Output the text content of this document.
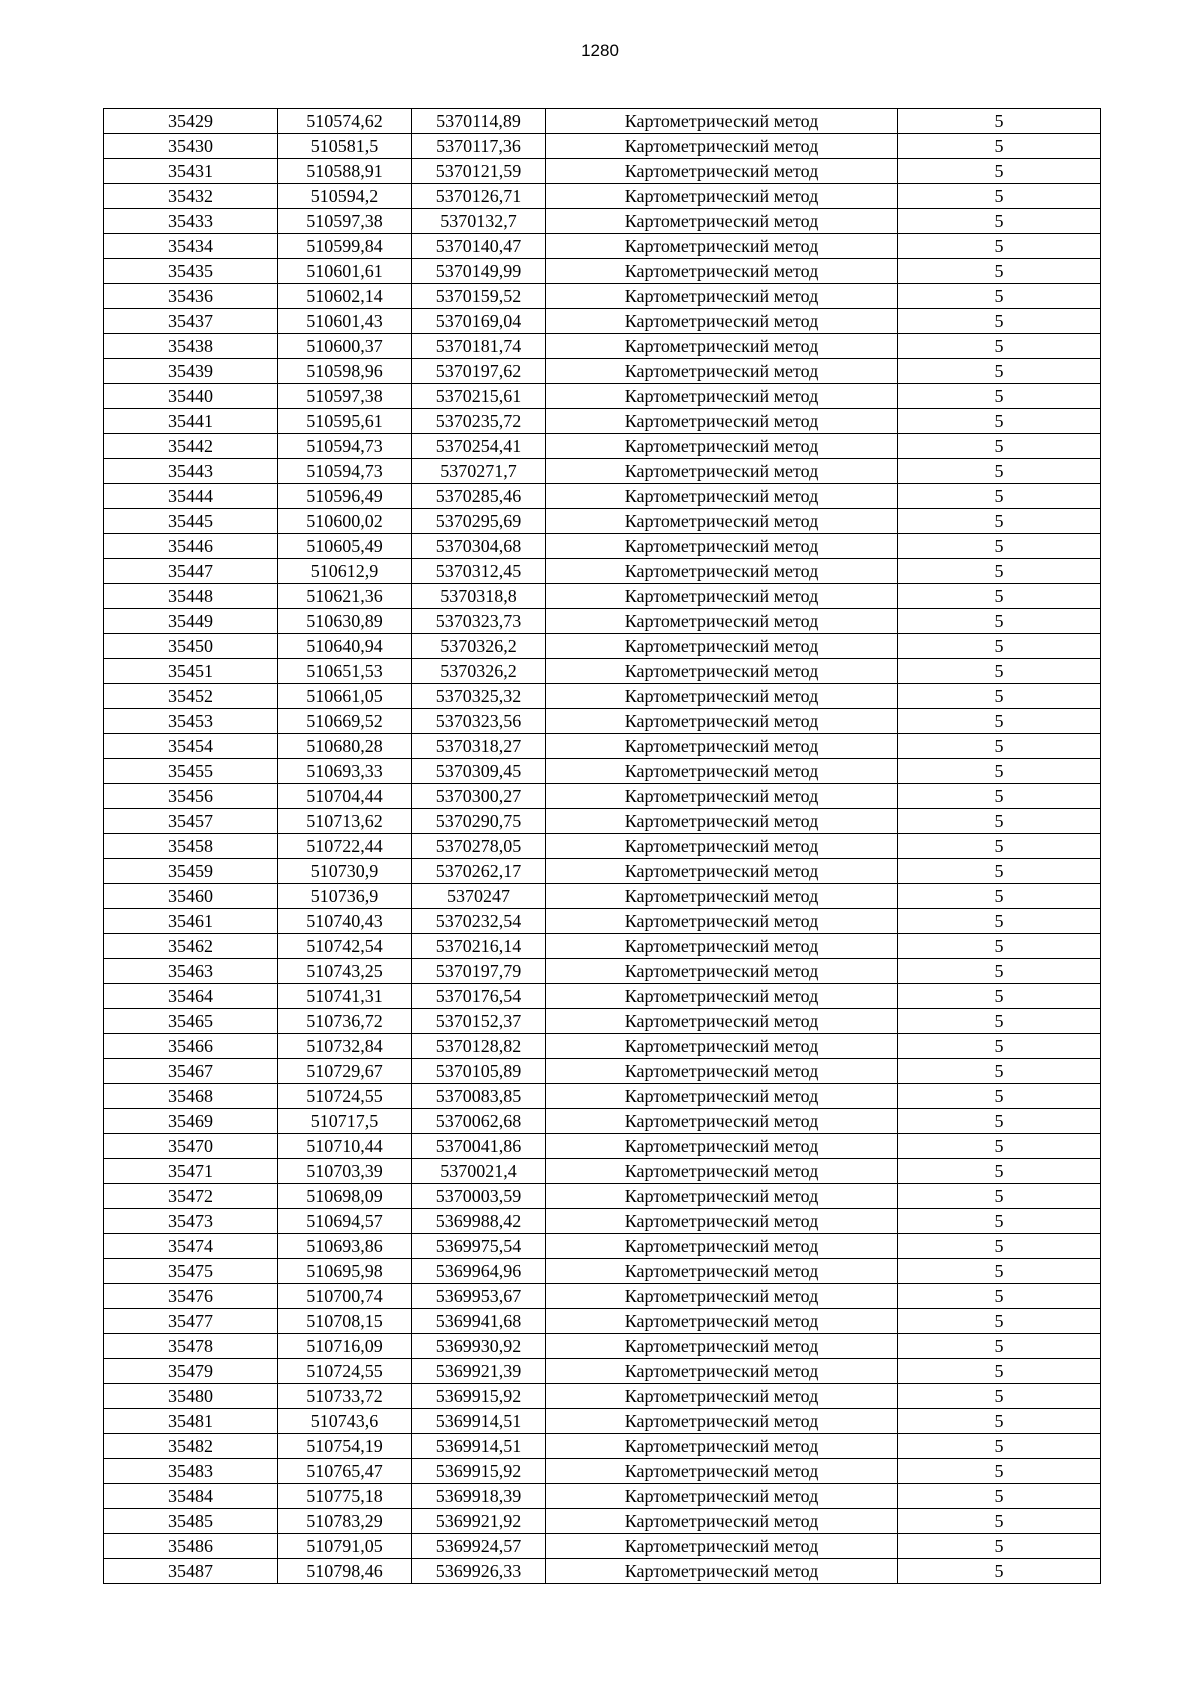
1280
35429	510574,62	5370114,89	Картометрический метод	5
35430	510581,5	5370117,36	Картометрический метод	5
35431	510588,91	5370121,59	Картометрический метод	5
35432	510594,2	5370126,71	Картометрический метод	5
35433	510597,38	5370132,7	Картометрический метод	5
35434	510599,84	5370140,47	Картометрический метод	5
35435	510601,61	5370149,99	Картометрический метод	5
35436	510602,14	5370159,52	Картометрический метод	5
35437	510601,43	5370169,04	Картометрический метод	5
35438	510600,37	5370181,74	Картометрический метод	5
35439	510598,96	5370197,62	Картометрический метод	5
35440	510597,38	5370215,61	Картометрический метод	5
35441	510595,61	5370235,72	Картометрический метод	5
35442	510594,73	5370254,41	Картометрический метод	5
35443	510594,73	5370271,7	Картометрический метод	5
35444	510596,49	5370285,46	Картометрический метод	5
35445	510600,02	5370295,69	Картометрический метод	5
35446	510605,49	5370304,68	Картометрический метод	5
35447	510612,9	5370312,45	Картометрический метод	5
35448	510621,36	5370318,8	Картометрический метод	5
35449	510630,89	5370323,73	Картометрический метод	5
35450	510640,94	5370326,2	Картометрический метод	5
35451	510651,53	5370326,2	Картометрический метод	5
35452	510661,05	5370325,32	Картометрический метод	5
35453	510669,52	5370323,56	Картометрический метод	5
35454	510680,28	5370318,27	Картометрический метод	5
35455	510693,33	5370309,45	Картометрический метод	5
35456	510704,44	5370300,27	Картометрический метод	5
35457	510713,62	5370290,75	Картометрический метод	5
35458	510722,44	5370278,05	Картометрический метод	5
35459	510730,9	5370262,17	Картометрический метод	5
35460	510736,9	5370247	Картометрический метод	5
35461	510740,43	5370232,54	Картометрический метод	5
35462	510742,54	5370216,14	Картометрический метод	5
35463	510743,25	5370197,79	Картометрический метод	5
35464	510741,31	5370176,54	Картометрический метод	5
35465	510736,72	5370152,37	Картометрический метод	5
35466	510732,84	5370128,82	Картометрический метод	5
35467	510729,67	5370105,89	Картометрический метод	5
35468	510724,55	5370083,85	Картометрический метод	5
35469	510717,5	5370062,68	Картометрический метод	5
35470	510710,44	5370041,86	Картометрический метод	5
35471	510703,39	5370021,4	Картометрический метод	5
35472	510698,09	5370003,59	Картометрический метод	5
35473	510694,57	5369988,42	Картометрический метод	5
35474	510693,86	5369975,54	Картометрический метод	5
35475	510695,98	5369964,96	Картометрический метод	5
35476	510700,74	5369953,67	Картометрический метод	5
35477	510708,15	5369941,68	Картометрический метод	5
35478	510716,09	5369930,92	Картометрический метод	5
35479	510724,55	5369921,39	Картометрический метод	5
35480	510733,72	5369915,92	Картометрический метод	5
35481	510743,6	5369914,51	Картометрический метод	5
35482	510754,19	5369914,51	Картометрический метод	5
35483	510765,47	5369915,92	Картометрический метод	5
35484	510775,18	5369918,39	Картометрический метод	5
35485	510783,29	5369921,92	Картометрический метод	5
35486	510791,05	5369924,57	Картометрический метод	5
35487	510798,46	5369926,33	Картометрический метод	5
